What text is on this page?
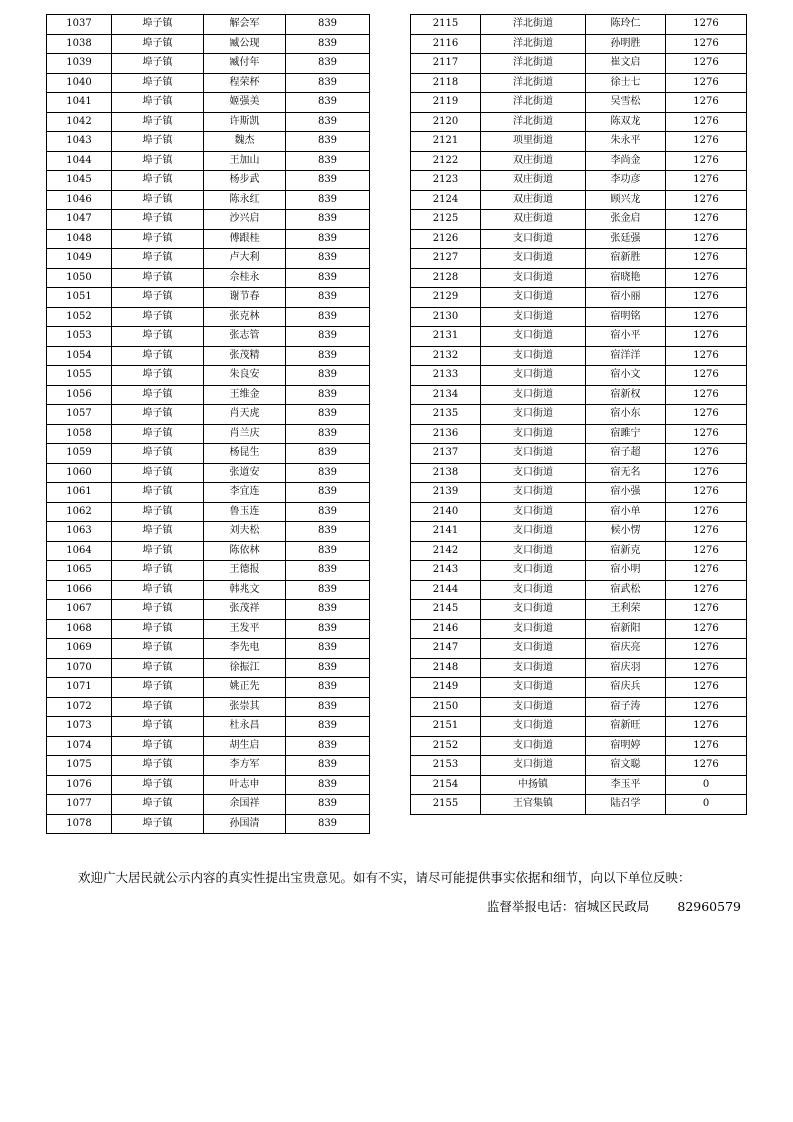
1037	埠子镇	解会军	839
1038	埠子镇	臧公现	839
1039	埠子镇	臧付年	839
1040	埠子镇	程荣杯	839
1041	埠子镇	姬强美	839
1042	埠子镇	许斯凯	839
1043	埠子镇	魏杰	839
1044	埠子镇	王加山	839
1045	埠子镇	杨步武	839
1046	埠子镇	陈永红	839
1047	埠子镇	沙兴启	839
1048	埠子镇	傅跟桂	839
1049	埠子镇	卢大利	839
1050	埠子镇	佘桂永	839
1051	埠子镇	谢节春	839
1052	埠子镇	张克林	839
1053	埠子镇	张志管	839
1054	埠子镇	张茂精	839
1055	埠子镇	朱良安	839
1056	埠子镇	王维金	839
1057	埠子镇	肖天虎	839
1058	埠子镇	肖兰庆	839
1059	埠子镇	杨昆生	839
1060	埠子镇	张道安	839
1061	埠子镇	李宜连	839
1062	埠子镇	鲁玉连	839
1063	埠子镇	刘夫松	839
1064	埠子镇	陈依林	839
1065	埠子镇	王德报	839
1066	埠子镇	韩兆文	839
1067	埠子镇	张茂祥	839
1068	埠子镇	王发平	839
1069	埠子镇	李先电	839
1070	埠子镇	徐振江	839
1071	埠子镇	姚正先	839
1072	埠子镇	张崇其	839
1073	埠子镇	杜永昌	839
1074	埠子镇	胡生启	839
1075	埠子镇	李方军	839
1076	埠子镇	叶志申	839
1077	埠子镇	余国祥	839
1078	埠子镇	孙国清	839
2115	洋北街道	陈玲仁	1276
2116	洋北街道	孙明胜	1276
2117	洋北街道	崔文启	1276
2118	洋北街道	徐士七	1276
2119	洋北街道	吴雪松	1276
2120	洋北街道	陈双龙	1276
2121	项里街道	朱永平	1276
2122	双庄街道	李尚金	1276
2123	双庄街道	李功彦	1276
2124	双庄街道	顾兴龙	1276
2125	双庄街道	张金启	1276
2126	支口街道	张廷强	1276
2127	支口街道	宿新胜	1276
2128	支口街道	宿晓艳	1276
2129	支口街道	宿小丽	1276
2130	支口街道	宿明铭	1276
2131	支口街道	宿小平	1276
2132	支口街道	宿洋洋	1276
2133	支口街道	宿小文	1276
2134	支口街道	宿新权	1276
2135	支口街道	宿小东	1276
2136	支口街道	宿雎宁	1276
2137	支口街道	宿子超	1276
2138	支口街道	宿无名	1276
2139	支口街道	宿小强	1276
2140	支口街道	宿小单	1276
2141	支口街道	候小愣	1276
2142	支口街道	宿新克	1276
2143	支口街道	宿小明	1276
2144	支口街道	宿武松	1276
2145	支口街道	王利荣	1276
2146	支口街道	宿新阳	1276
2147	支口街道	宿庆亮	1276
2148	支口街道	宿庆羽	1276
2149	支口街道	宿庆兵	1276
2150	支口街道	宿子涛	1276
2151	支口街道	宿新旺	1276
2152	支口街道	宿明婷	1276
2153	支口街道	宿文聪	1276
2154	中扬镇	李玉平	0
2155	王官集镇	陆召学	0
欢迎广大居民就公示内容的真实性提出宝贵意见。如有不实，请尽可能提供事实依据和细节，向以下单位反映：
监督举报电话：宿城区民政局 82960579
